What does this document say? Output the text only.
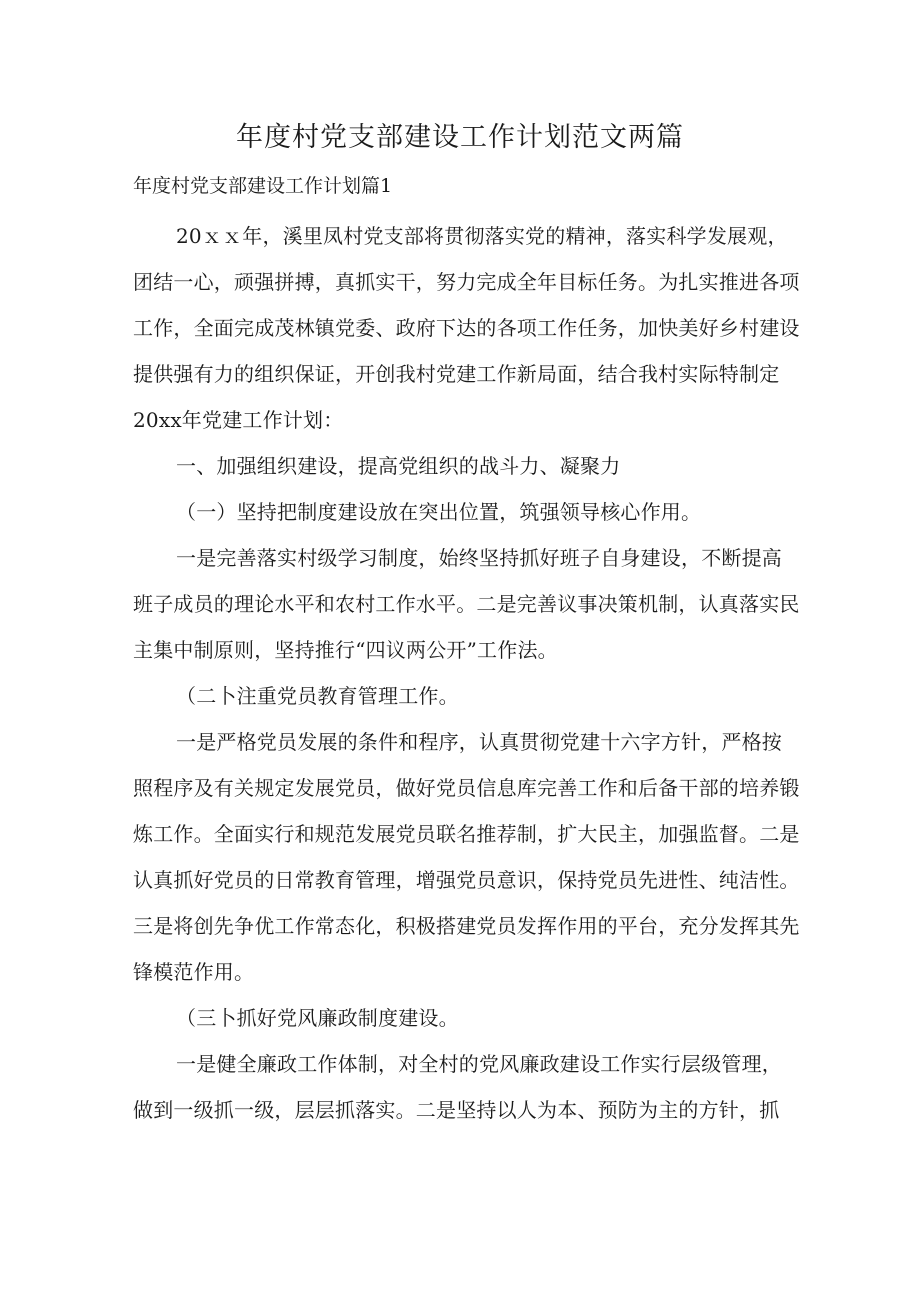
年度村党支部建设工作计划范文两篇
年度村党支部建设工作计划篇1
20ｘｘ年，溪里凤村党支部将贯彻落实党的精神，落实科学发展观，
团结一心，顽强拼搏，真抓实干，努力完成全年目标任务。为扎实推进各项
工作，全面完成茂林镇党委、政府下达的各项工作任务，加快美好乡村建设
提供强有力的组织保证，开创我村党建工作新局面，结合我村实际特制定
20xx年党建工作计划：
一、加强组织建设，提高党组织的战斗力、凝聚力
（一）坚持把制度建设放在突出位置，筑强领导核心作用。
一是完善落实村级学习制度，始终坚持抓好班子自身建设，不断提高
班子成员的理论水平和农村工作水平。二是完善议事决策机制，认真落实民
主集中制原则，坚持推行“四议两公开”工作法。
（二卜注重党员教育管理工作。
一是严格党员发展的条件和程序，认真贯彻党建十六字方针，严格按
照程序及有关规定发展党员，做好党员信息库完善工作和后备干部的培养锻
炼工作。全面实行和规范发展党员联名推荐制，扩大民主，加强监督。二是
认真抓好党员的日常教育管理，增强党员意识，保持党员先进性、纯洁性。
三是将创先争优工作常态化，积极搭建党员发挥作用的平台，充分发挥其先
锋模范作用。
（三卜抓好党风廉政制度建设。
一是健全廉政工作体制，对全村的党风廉政建设工作实行层级管理，
做到一级抓一级，层层抓落实。二是坚持以人为本、预防为主的方针，抓
